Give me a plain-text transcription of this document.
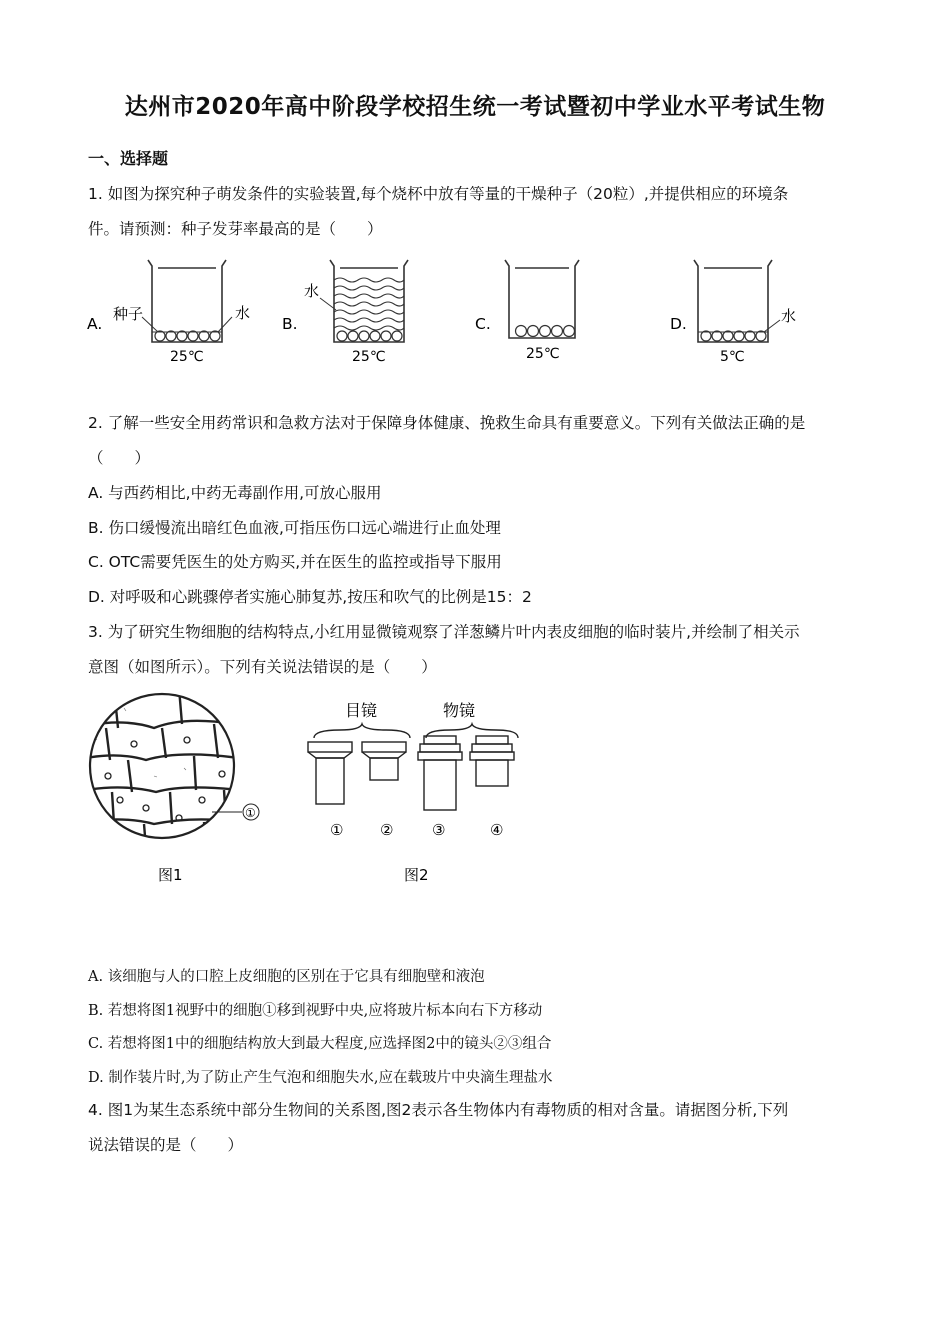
达州市2020年高中阶段学校招生统一考试暨初中学业水平考试生物
一、选择题
1. 如图为探究种子萌发条件的实验装置,每个烧杯中放有等量的干燥种子（20粒）,并提供相应的环境条
件。请预测：种子发芽率最高的是（　　）
A.	B.	C.	D.
种子	水
25℃
水
25℃	25℃
水
5℃
2. 了解一些安全用药常识和急救方法对于保障身体健康、挽救生命具有重要意义。下列有关做法正确的是
（　　）
A. 与西药相比,中药无毒副作用,可放心服用
B. 伤口缓慢流出暗红色血液,可指压伤口远心端进行止血处理
C. OTC需要凭医生的处方购买,并在医生的监控或指导下服用
D. 对呼吸和心跳骤停者实施心肺复苏,按压和吹气的比例是15：2
3. 为了研究生物细胞的结构特点,小红用显微镜观察了洋葱鳞片叶内表皮细胞的临时装片,并绘制了相关示
意图（如图所示）。下列有关说法错误的是（　　）
①
图1
目镜	物镜
① ②	③	④
图2
A. 该细胞与人的口腔上皮细胞的区别在于它具有细胞壁和液泡
B. 若想将图1视野中的细胞①移到视野中央,应将玻片标本向右下方移动
C. 若想将图1中的细胞结构放大到最大程度,应选择图2中的镜头②③组合
D. 制作装片时,为了防止产生气泡和细胞失水,应在载玻片中央滴生理盐水
4. 图1为某生态系统中部分生物间的关系图,图2表示各生物体内有毒物质的相对含量。请据图分析,下列
说法错误的是（　　）
